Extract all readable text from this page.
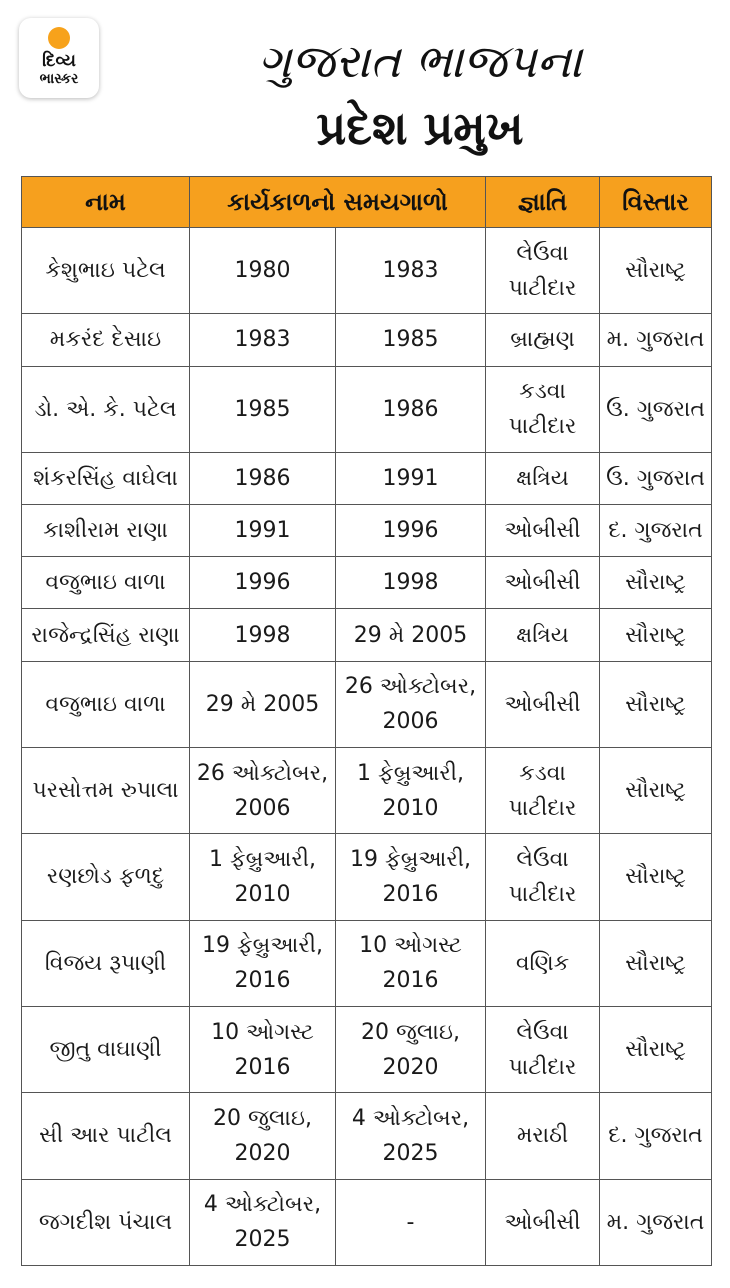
દિવ્ય
ભાસ્કર	ગુજરાત ભાજપના
પ્રદેશ પ્રમુખ
નામ	કાર્યકાળનો સમયગાળો		જ્ઞાતિ	વિસ્તાર
કેશુભાઇ પટેલ	1980	1983	લેઉવા પાટીદાર	સૌરાષ્ટ્ર
મકરંદ દેસાઇ	1983	1985	બ્રાહ્મણ	મ. ગુજરાત
ડો. એ. કે. પટેલ	1985	1986	કડવા પાટીદાર	ઉ. ગુજરાત
શંકરસિંહ વાઘેલા	1986	1991	ક્ષત્રિય	ઉ. ગુજરાત
કાશીરામ રાણા	1991	1996	ઓબીસી	દ. ગુજરાત
વજુભાઇ વાળા	1996	1998	ઓબીસી	સૌરાષ્ટ્ર
રાજેન્દ્રસિંહ રાણા	1998	29 મે 2005	ક્ષત્રિય	સૌરાષ્ટ્ર
વજુભાઇ વાળા	29 મે 2005	26 ઓક્ટોબર, 2006	ઓબીસી	સૌરાષ્ટ્ર
પરસોત્તમ રુપાલા	26 ઓક્ટોબર, 2006	1 ફેબ્રુઆરી, 2010	કડવા પાટીદાર	સૌરાષ્ટ્ર
રણછોડ ફળદુ	1 ફેબ્રુઆરી, 2010	19 ફેબ્રુઆરી, 2016	લેઉવા પાટીદાર	સૌરાષ્ટ્ર
વિજય રૂપાણી	19 ફેબ્રુઆરી, 2016	10 ઓગસ્ટ 2016	વણિક	સૌરાષ્ટ્ર
જીતુ વાઘાણી	10 ઓગસ્ટ 2016	20 જુલાઇ, 2020	લેઉવા પાટીદાર	સૌરાષ્ટ્ર
સી આર પાટીલ	20 જુલાઇ, 2020	4 ઓક્ટોબર, 2025	મરાઠી	દ. ગુજરાત
જગદીશ પંચાલ	4 ઓક્ટોબર, 2025	-	ઓબીસી	મ. ગુજરાત
